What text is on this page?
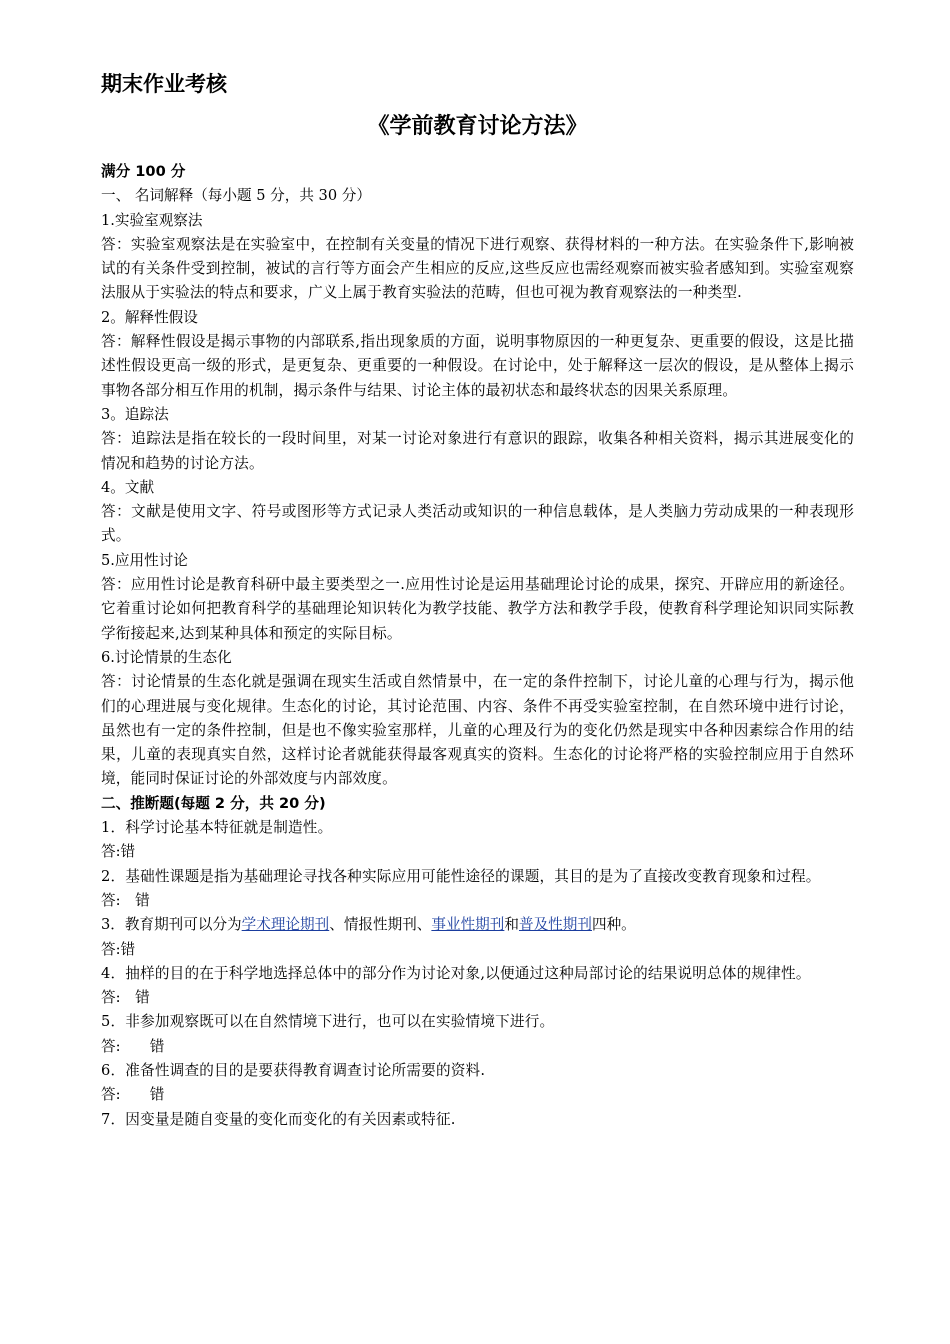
期末作业考核
《学前教育讨论方法》
满分 100 分
一、 名词解释（每小题 5 分，共 30 分）
1.实验室观察法
答：实验室观察法是在实验室中，在控制有关变量的情况下进行观察、获得材料的一种方法。在实验条件下,影响被试的有关条件受到控制，被试的言行等方面会产生相应的反应,这些反应也需经观察而被实验者感知到。实验室观察法服从于实验法的特点和要求，广义上属于教育实验法的范畴，但也可视为教育观察法的一种类型.
2。解释性假设
答：解释性假设是揭示事物的内部联系,指出现象质的方面，说明事物原因的一种更复杂、更重要的假设，这是比描述性假设更高一级的形式，是更复杂、更重要的一种假设。在讨论中，处于解释这一层次的假设，是从整体上揭示事物各部分相互作用的机制，揭示条件与结果、讨论主体的最初状态和最终状态的因果关系原理。
3。追踪法
答：追踪法是指在较长的一段时间里，对某一讨论对象进行有意识的跟踪，收集各种相关资料，揭示其进展变化的情况和趋势的讨论方法。
4。文献
答：文献是使用文字、符号或图形等方式记录人类活动或知识的一种信息载体，是人类脑力劳动成果的一种表现形式。
5.应用性讨论
答：应用性讨论是教育科研中最主要类型之一.应用性讨论是运用基础理论讨论的成果，探究、开辟应用的新途径。它着重讨论如何把教育科学的基础理论知识转化为教学技能、教学方法和教学手段，使教育科学理论知识同实际教学衔接起来,达到某种具体和预定的实际目标。
6.讨论情景的生态化
答：讨论情景的生态化就是强调在现实生活或自然情景中，在一定的条件控制下，讨论儿童的心理与行为，揭示他们的心理进展与变化规律。生态化的讨论，其讨论范围、内容、条件不再受实验室控制，在自然环境中进行讨论，虽然也有一定的条件控制，但是也不像实验室那样，儿童的心理及行为的变化仍然是现实中各种因素综合作用的结果，儿童的表现真实自然，这样讨论者就能获得最客观真实的资料。生态化的讨论将严格的实验控制应用于自然环境，能同时保证讨论的外部效度与内部效度。
二、推断题(每题 2 分，共 20 分)
1．科学讨论基本特征就是制造性。
答:错
2．基础性课题是指为基础理论寻找各种实际应用可能性途径的课题，其目的是为了直接改变教育现象和过程。
答:　错
3．教育期刊可以分为学术理论期刊、情报性期刊、事业性期刊和普及性期刊四种。
答:错
4．抽样的目的在于科学地选择总体中的部分作为讨论对象,以便通过这种局部讨论的结果说明总体的规律性。
答:　错
5．非参加观察既可以在自然情境下进行，也可以在实验情境下进行。
答:　　错
6．准备性调查的目的是要获得教育调查讨论所需要的资料.
答:　　错
7．因变量是随自变量的变化而变化的有关因素或特征.
